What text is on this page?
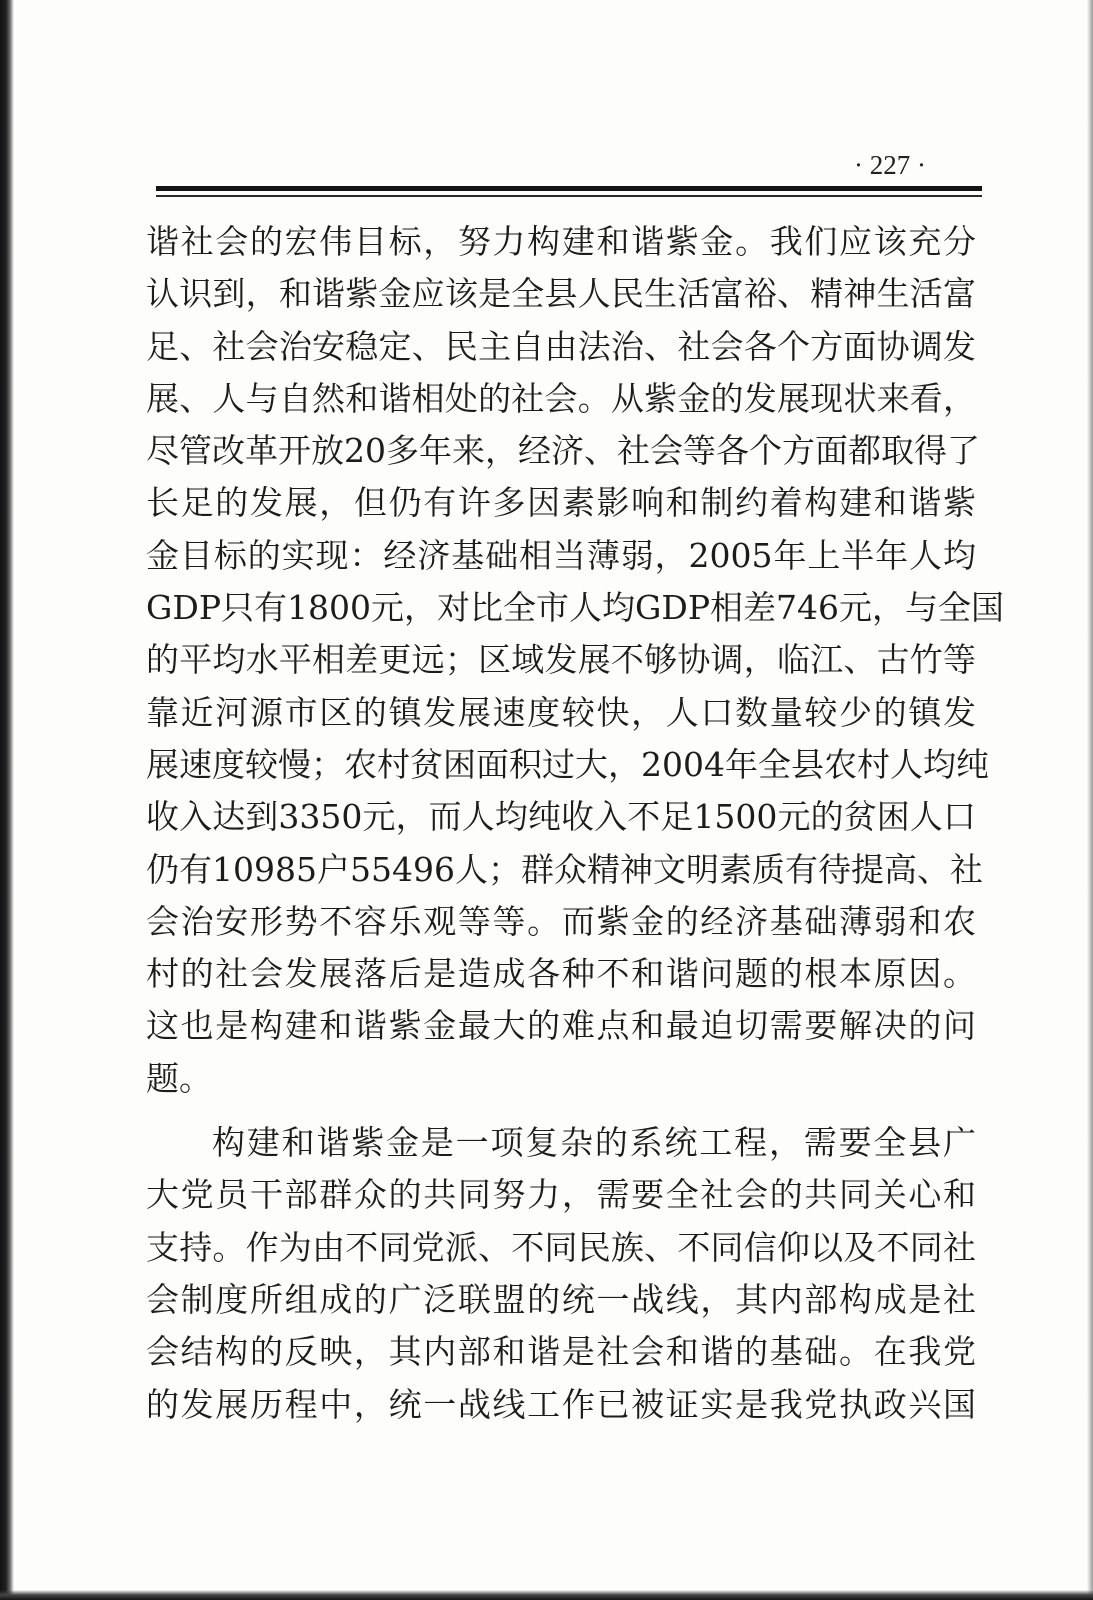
· 227 ·
谐社会的宏伟目标，努力构建和谐紫金。我们应该充分
认识到，和谐紫金应该是全县人民生活富裕、精神生活富
足、社会治安稳定、民主自由法治、社会各个方面协调发
展、人与自然和谐相处的社会。从紫金的发展现状来看，
尽管改革开放20多年来，经济、社会等各个方面都取得了
长足的发展，但仍有许多因素影响和制约着构建和谐紫
金目标的实现：经济基础相当薄弱，2005年上半年人均
GDP只有1800元，对比全市人均GDP相差746元，与全国
的平均水平相差更远；区域发展不够协调，临江、古竹等
靠近河源市区的镇发展速度较快，人口数量较少的镇发
展速度较慢；农村贫困面积过大，2004年全县农村人均纯
收入达到3350元，而人均纯收入不足1500元的贫困人口
仍有10985户55496人；群众精神文明素质有待提高、社
会治安形势不容乐观等等。而紫金的经济基础薄弱和农
村的社会发展落后是造成各种不和谐问题的根本原因。
这也是构建和谐紫金最大的难点和最迫切需要解决的问
题。
构建和谐紫金是一项复杂的系统工程，需要全县广
大党员干部群众的共同努力，需要全社会的共同关心和
支持。作为由不同党派、不同民族、不同信仰以及不同社
会制度所组成的广泛联盟的统一战线，其内部构成是社
会结构的反映，其内部和谐是社会和谐的基础。在我党
的发展历程中，统一战线工作已被证实是我党执政兴国
